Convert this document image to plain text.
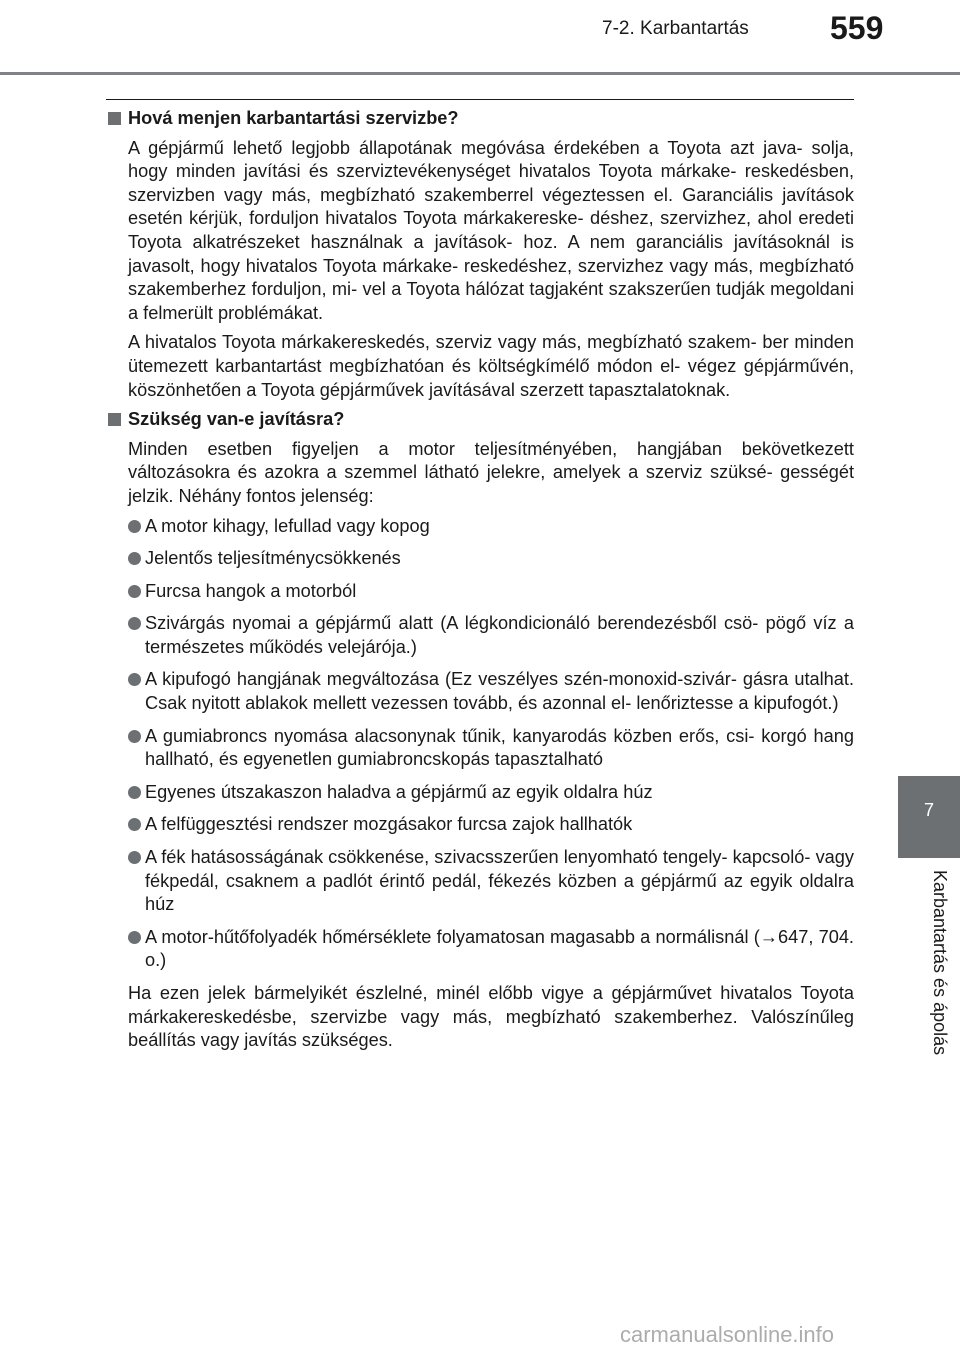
7-2. Karbantartás	559
7
Karbantartás és ápolás
Hová menjen karbantartási szervizbe?

A gépjármű lehető legjobb állapotának megóvása érdekében a Toyota azt java- solja, hogy minden javítási és szerviztevékenységet hivatalos Toyota márkake- reskedésben, szervizben vagy más, megbízható szakemberrel végeztessen el. Garanciális javítások esetén kérjük, forduljon hivatalos Toyota márkakereske- déshez, szervizhez, ahol eredeti Toyota alkatrészeket használnak a javítások- hoz. A nem garanciális javításoknál is javasolt, hogy hivatalos Toyota márkake- reskedéshez, szervizhez vagy más, megbízható szakemberhez forduljon, mi- vel a Toyota hálózat tagjaként szakszerűen tudják megoldani a felmerült problémákat.

A hivatalos Toyota márkakereskedés, szerviz vagy más, megbízható szakem- ber minden ütemezett karbantartást megbízhatóan és költségkímélő módon el- végez gépjárművén, köszönhetően a Toyota gépjárművek javításával szerzett tapasztalatoknak.

Szükség van-e javításra?

Minden esetben figyeljen a motor teljesítményében, hangjában bekövetkezett változásokra és azokra a szemmel látható jelekre, amelyek a szerviz szüksé- gességét jelzik. Néhány fontos jelenség:

A motor kihagy, lefullad vagy kopog
Jelentős teljesítménycsökkenés
Furcsa hangok a motorból
Szivárgás nyomai a gépjármű alatt (A légkondicionáló berendezésből csö- pögő víz a természetes működés velejárója.)
A kipufogó hangjának megváltozása (Ez veszélyes szén-monoxid-szivár- gásra utalhat. Csak nyitott ablakok mellett vezessen tovább, és azonnal el- lenőriztesse a kipufogót.)
A gumiabroncs nyomása alacsonynak tűnik, kanyarodás közben erős, csi- korgó hang hallható, és egyenetlen gumiabroncskopás tapasztalható
Egyenes útszakaszon haladva a gépjármű az egyik oldalra húz
A felfüggesztési rendszer mozgásakor furcsa zajok hallhatók
A fék hatásosságának csökkenése, szivacsszerűen lenyomható tengely- kapcsoló- vagy fékpedál, csaknem a padlót érintő pedál, fékezés közben a gépjármű az egyik oldalra húz
A motor-hűtőfolyadék hőmérséklete folyamatosan magasabb a normálisnál (→647, 704. o.)

Ha ezen jelek bármelyikét észlelné, minél előbb vigye a gépjárművet hivatalos Toyota márkakereskedésbe, szervizbe vagy más, megbízható szakemberhez. Valószínűleg beállítás vagy javítás szükséges.

carmanualsonline.info
